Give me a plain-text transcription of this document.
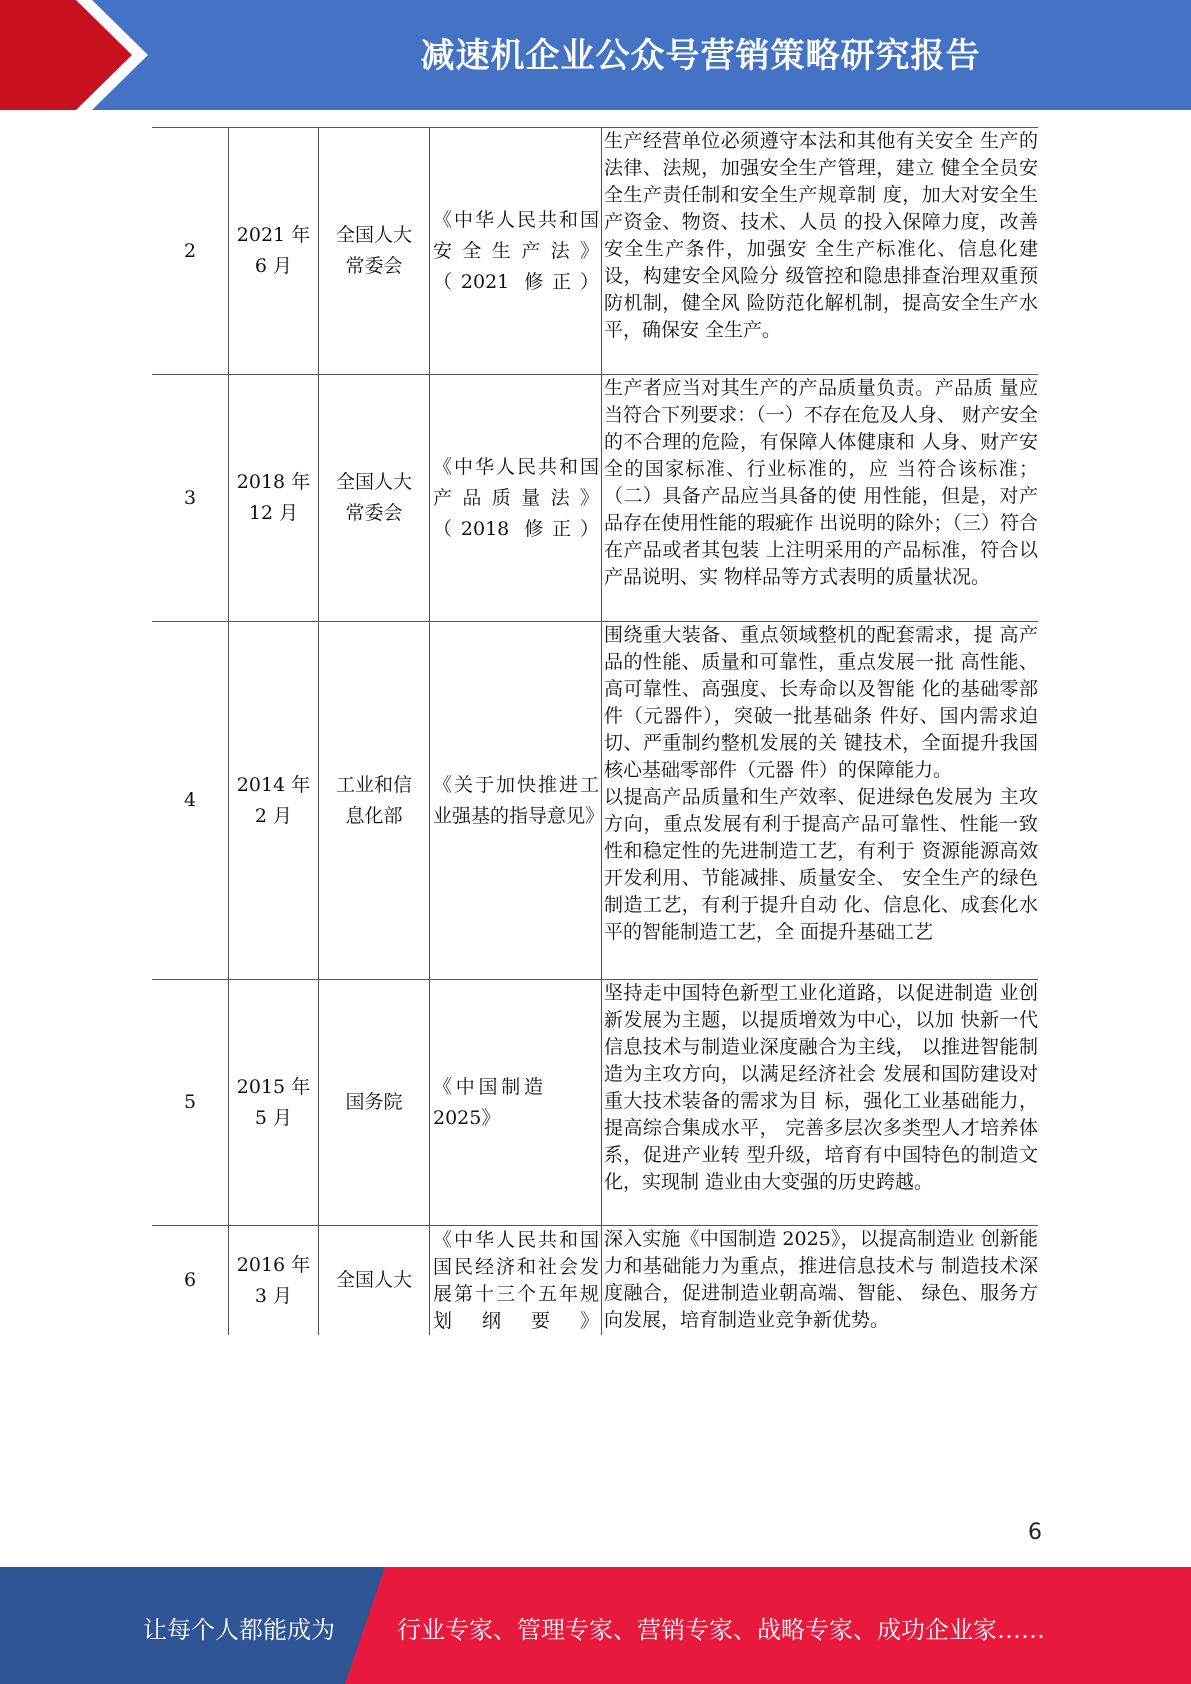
减速机企业公众号营销策略研究报告
2
2021 年
6 月
全国人大常委会
《中华人民共和国安全生产法》（2021 修正）
生产经营单位必须遵守本法和其他有关安全 生产的法律、法规，加强安全生产管理，建立 健全全员安全生产责任制和安全生产规章制 度，加大对安全生产资金、物资、技术、人员 的投入保障力度，改善安全生产条件，加强安 全生产标准化、信息化建设，构建安全风险分 级管控和隐患排查治理双重预防机制，健全风 险防范化解机制，提高安全生产水平，确保安 全生产。
3
2018 年
12 月
全国人大常委会
《中华人民共和国产品质量法》（2018 修正）
生产者应当对其生产的产品质量负责。产品质 量应当符合下列要求：（一）不存在危及人身、 财产安全的不合理的危险，有保障人体健康和 人身、财产安全的国家标准、行业标准的，应 当符合该标准；（二）具备产品应当具备的使 用性能，但是，对产品存在使用性能的瑕疵作 出说明的除外；（三）符合在产品或者其包装 上注明采用的产品标准，符合以产品说明、实 物样品等方式表明的质量状况。
4
2014 年
2 月
工业和信息化部
《关于加快推进工业强基的指导意见》
围绕重大装备、重点领域整机的配套需求，提 高产品的性能、质量和可靠性，重点发展一批 高性能、高可靠性、高强度、长寿命以及智能 化的基础零部件（元器件），突破一批基础条 件好、国内需求迫切、严重制约整机发展的关 键技术，全面提升我国核心基础零部件（元器 件）的保障能力。
以提高产品质量和生产效率、促进绿色发展为 主攻方向，重点发展有利于提高产品可靠性、性能一致性和稳定性的先进制造工艺，有利于 资源能源高效开发利用、节能减排、质量安全、 安全生产的绿色制造工艺，有利于提升自动 化、信息化、成套化水平的智能制造工艺，全 面提升基础工艺
5
2015 年
5 月
国务院
《中国制造 2025》
坚持走中国特色新型工业化道路，以促进制造 业创新发展为主题，以提质增效为中心，以加 快新一代信息技术与制造业深度融合为主线， 以推进智能制造为主攻方向，以满足经济社会 发展和国防建设对重大技术装备的需求为目 标，强化工业基础能力，提高综合集成水平， 完善多层次多类型人才培养体系，促进产业转 型升级，培育有中国特色的制造文化，实现制 造业由大变强的历史跨越。
6
2016 年
3 月
全国人大
《中华人民共和国国民经济和社会发展第十三个五年规划纲要》
深入实施《中国制造 2025》，以提高制造业 创新能力和基础能力为重点，推进信息技术与 制造技术深度融合，促进制造业朝高端、智能、 绿色、服务方向发展，培育制造业竞争新优势。
6
让每个人都能成为	行业专家、管理专家、营销专家、战略专家、成功企业家……
